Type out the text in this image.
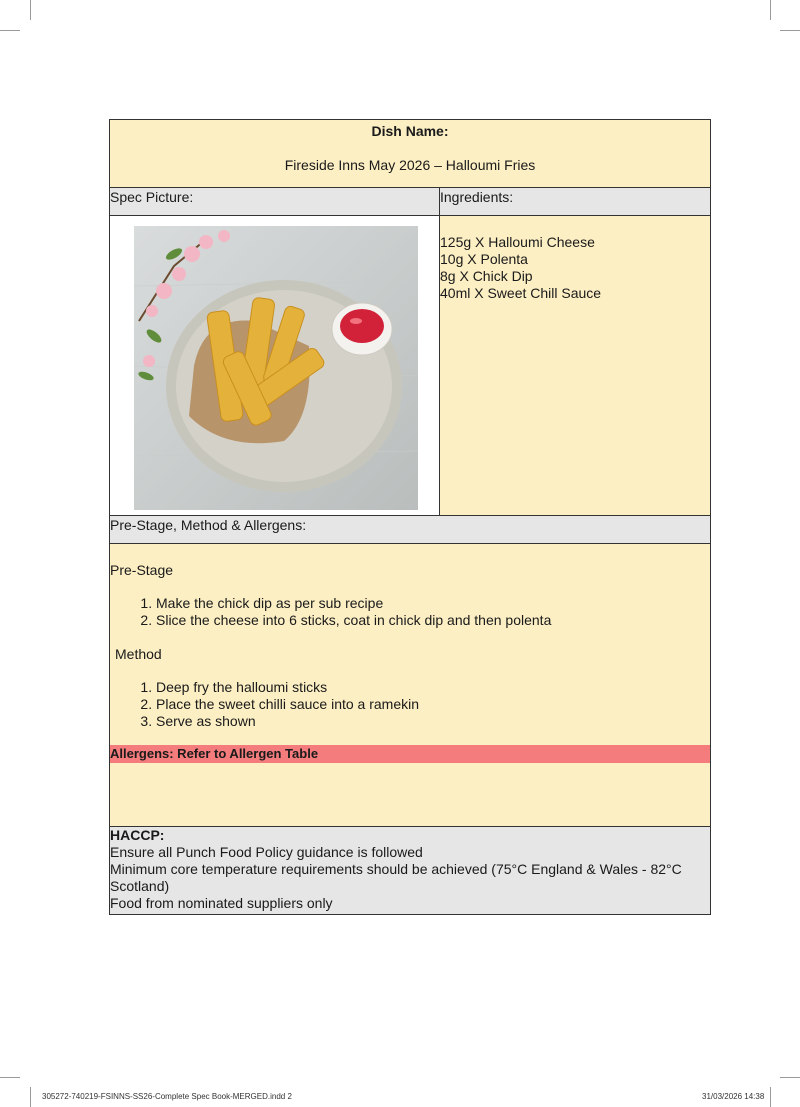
Dish Name:
Fireside Inns May 2026 – Halloumi Fries
Spec Picture:	Ingredients:
125g X Halloumi Cheese
10g X Polenta
8g X Chick Dip
40ml X Sweet Chill Sauce
Pre-Stage, Method & Allergens:
Pre-Stage
1. Make the chick dip as per sub recipe
2. Slice the cheese into 6 sticks, coat in chick dip and then polenta
Method
1. Deep fry the halloumi sticks
2. Place the sweet chilli sauce into a ramekin
3. Serve as shown
Allergens: Refer to Allergen Table
HACCP:
Ensure all Punch Food Policy guidance is followed
Minimum core temperature requirements should be achieved (75°C England & Wales - 82°C Scotland)
Food from nominated suppliers only
305272-740219-FSINNS-SS26-Complete Spec Book-MERGED.indd 2	31/03/2026 14:38
